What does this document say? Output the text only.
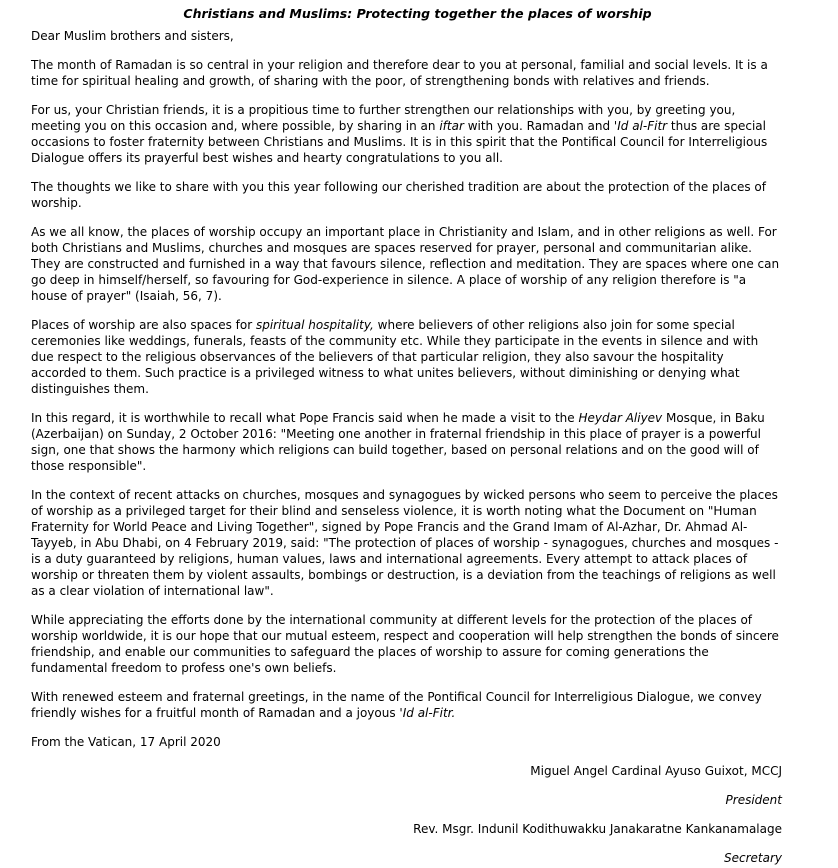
Christians and Muslims: Protecting together the places of worship

Dear Muslim brothers and sisters,

The month of Ramadan is so central in your religion and therefore dear to you at personal, familial and social levels. It is a time for spiritual healing and growth, of sharing with the poor, of strengthening bonds with relatives and friends.

For us, your Christian friends, it is a propitious time to further strengthen our relationships with you, by greeting you, meeting you on this occasion and, where possible, by sharing in an iftar with you. Ramadan and 'Id al-Fitr thus are special occasions to foster fraternity between Christians and Muslims. It is in this spirit that the Pontifical Council for Interreligious Dialogue offers its prayerful best wishes and hearty congratulations to you all.

The thoughts we like to share with you this year following our cherished tradition are about the protection of the places of worship.

As we all know, the places of worship occupy an important place in Christianity and Islam, and in other religions as well. For both Christians and Muslims, churches and mosques are spaces reserved for prayer, personal and communitarian alike. They are constructed and furnished in a way that favours silence, reflection and meditation. They are spaces where one can go deep in himself/herself, so favouring for God-experience in silence. A place of worship of any religion therefore is "a house of prayer" (Isaiah, 56, 7).

Places of worship are also spaces for spiritual hospitality, where believers of other religions also join for some special ceremonies like weddings, funerals, feasts of the community etc. While they participate in the events in silence and with due respect to the religious observances of the believers of that particular religion, they also savour the hospitality accorded to them. Such practice is a privileged witness to what unites believers, without diminishing or denying what distinguishes them.

In this regard, it is worthwhile to recall what Pope Francis said when he made a visit to the Heydar Aliyev Mosque, in Baku (Azerbaijan) on Sunday, 2 October 2016: "Meeting one another in fraternal friendship in this place of prayer is a powerful sign, one that shows the harmony which religions can build together, based on personal relations and on the good will of those responsible".

In the context of recent attacks on churches, mosques and synagogues by wicked persons who seem to perceive the places of worship as a privileged target for their blind and senseless violence, it is worth noting what the Document on "Human Fraternity for World Peace and Living Together", signed by Pope Francis and the Grand Imam of Al-Azhar, Dr. Ahmad Al-Tayyeb, in Abu Dhabi, on 4 February 2019, said: "The protection of places of worship - synagogues, churches and mosques - is a duty guaranteed by religions, human values, laws and international agreements. Every attempt to attack places of worship or threaten them by violent assaults, bombings or destruction, is a deviation from the teachings of religions as well as a clear violation of international law".

While appreciating the efforts done by the international community at different levels for the protection of the places of worship worldwide, it is our hope that our mutual esteem, respect and cooperation will help strengthen the bonds of sincere friendship, and enable our communities to safeguard the places of worship to assure for coming generations the fundamental freedom to profess one's own beliefs.

With renewed esteem and fraternal greetings, in the name of the Pontifical Council for Interreligious Dialogue, we convey friendly wishes for a fruitful month of Ramadan and a joyous 'Id al-Fitr.

From the Vatican, 17 April 2020

Miguel Angel Cardinal Ayuso Guixot, MCCJ
President
Rev. Msgr. Indunil Kodithuwakku Janakaratne Kankanamalage
Secretary
